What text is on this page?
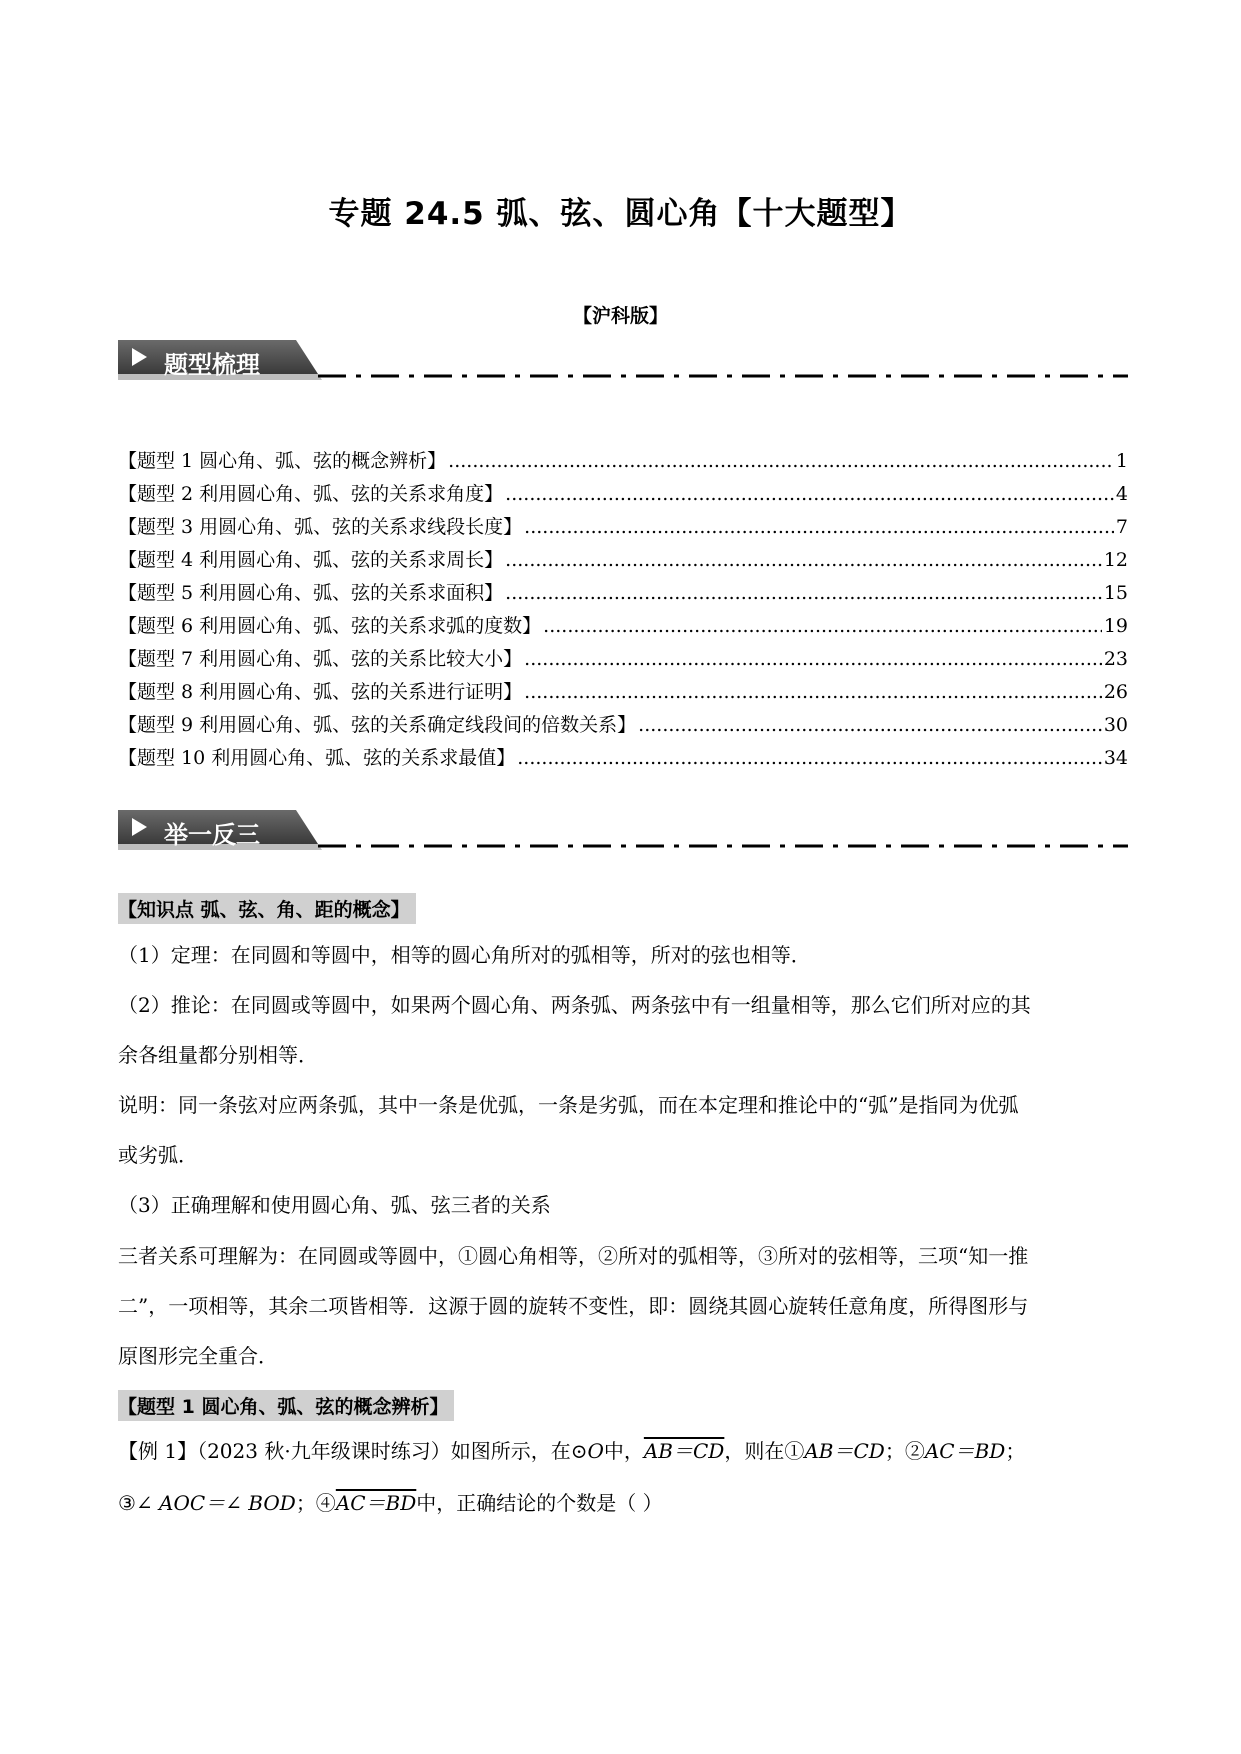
专题 24.5 弧、弦、圆心角【十大题型】
【沪科版】
题型梳理
【题型 1 圆心角、弧、弦的概念辨析】 .....	1
【题型 2 利用圆心角、弧、弦的关系求角度】 .....	4
【题型 3 用圆心角、弧、弦的关系求线段长度】 .....	7
【题型 4 利用圆心角、弧、弦的关系求周长】 .....	12
【题型 5 利用圆心角、弧、弦的关系求面积】 .....	15
【题型 6 利用圆心角、弧、弦的关系求弧的度数】 .....	19
【题型 7 利用圆心角、弧、弦的关系比较大小】 .....	23
【题型 8 利用圆心角、弧、弦的关系进行证明】 .....	26
【题型 9 利用圆心角、弧、弦的关系确定线段间的倍数关系】 .....	30
【题型 10 利用圆心角、弧、弦的关系求最值】 .....	34
举一反三
【知识点 弧、弦、角、距的概念】
（1）定理：在同圆和等圆中，相等的圆心角所对的弧相等，所对的弦也相等．
（2）推论：在同圆或等圆中，如果两个圆心角、两条弧、两条弦中有一组量相等，那么它们所对应的其
余各组量都分别相等．
说明：同一条弦对应两条弧，其中一条是优弧，一条是劣弧，而在本定理和推论中的“弧”是指同为优弧
或劣弧．
（3）正确理解和使用圆心角、弧、弦三者的关系
三者关系可理解为：在同圆或等圆中，①圆心角相等，②所对的弧相等，③所对的弦相等，三项“知一推
二”，一项相等，其余二项皆相等．这源于圆的旋转不变性，即：圆绕其圆心旋转任意角度，所得图形与
原图形完全重合．
【题型 1 圆心角、弧、弦的概念辨析】
【例 1】（2023 秋·九年级课时练习）如图所示，在⊙O中，AB＝CD，则在①AB＝CD；②AC＝BD；
③∠ AOC＝∠ BOD；④AC＝BD中，正确结论的个数是（ ）
